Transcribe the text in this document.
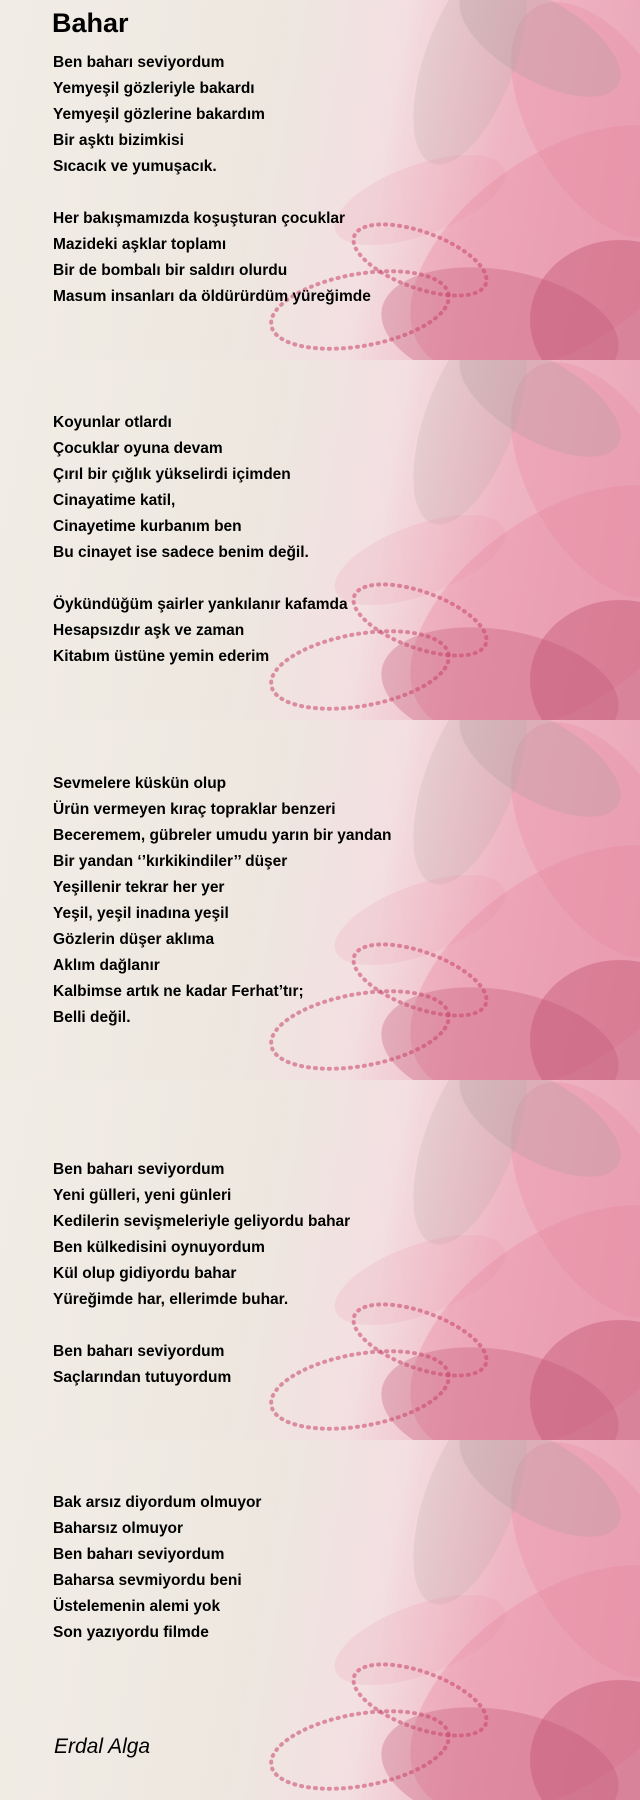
Bahar
Ben baharı seviyordum
Yemyeşil gözleriyle bakardı
Yemyeşil gözlerine bakardım
Bir aşktı bizimkisi
Sıcacık ve yumuşacık.
Her bakışmamızda koşuşturan çocuklar
Mazideki aşklar toplamı
Bir de bombalı bir saldırı olurdu
Masum insanları da öldürürdüm yüreğimde
Koyunlar otlardı
Çocuklar oyuna devam
Çırıl bir çığlık yükselirdi içimden
Cinayatime katil,
Cinayetime kurbanım ben
Bu cinayet ise sadece benim değil.
Öykündüğüm şairler yankılanır kafamda
Hesapsızdır aşk ve zaman
Kitabım üstüne yemin ederim
Sevmelere küskün olup
Ürün vermeyen kıraç topraklar benzeri
Beceremem, gübreler umudu yarın bir yandan
Bir yandan ‘’kırkikindiler’’ düşer
Yeşillenir tekrar her yer
Yeşil, yeşil inadına yeşil
Gözlerin düşer aklıma
Aklım dağlanır
Kalbimse artık ne kadar Ferhat’tır;
Belli değil.
Ben baharı seviyordum
Yeni gülleri, yeni günleri
Kedilerin sevişmeleriyle geliyordu bahar
Ben külkedisini oynuyordum
Kül olup gidiyordu bahar
Yüreğimde har, ellerimde buhar.
Ben baharı seviyordum
Saçlarından tutuyordum
Bak arsız diyordum olmuyor
Baharsız olmuyor
Ben baharı seviyordum
Baharsa sevmiyordu beni
Üstelemenin alemi yok
Son yazıyordu filmde
Erdal Alga
